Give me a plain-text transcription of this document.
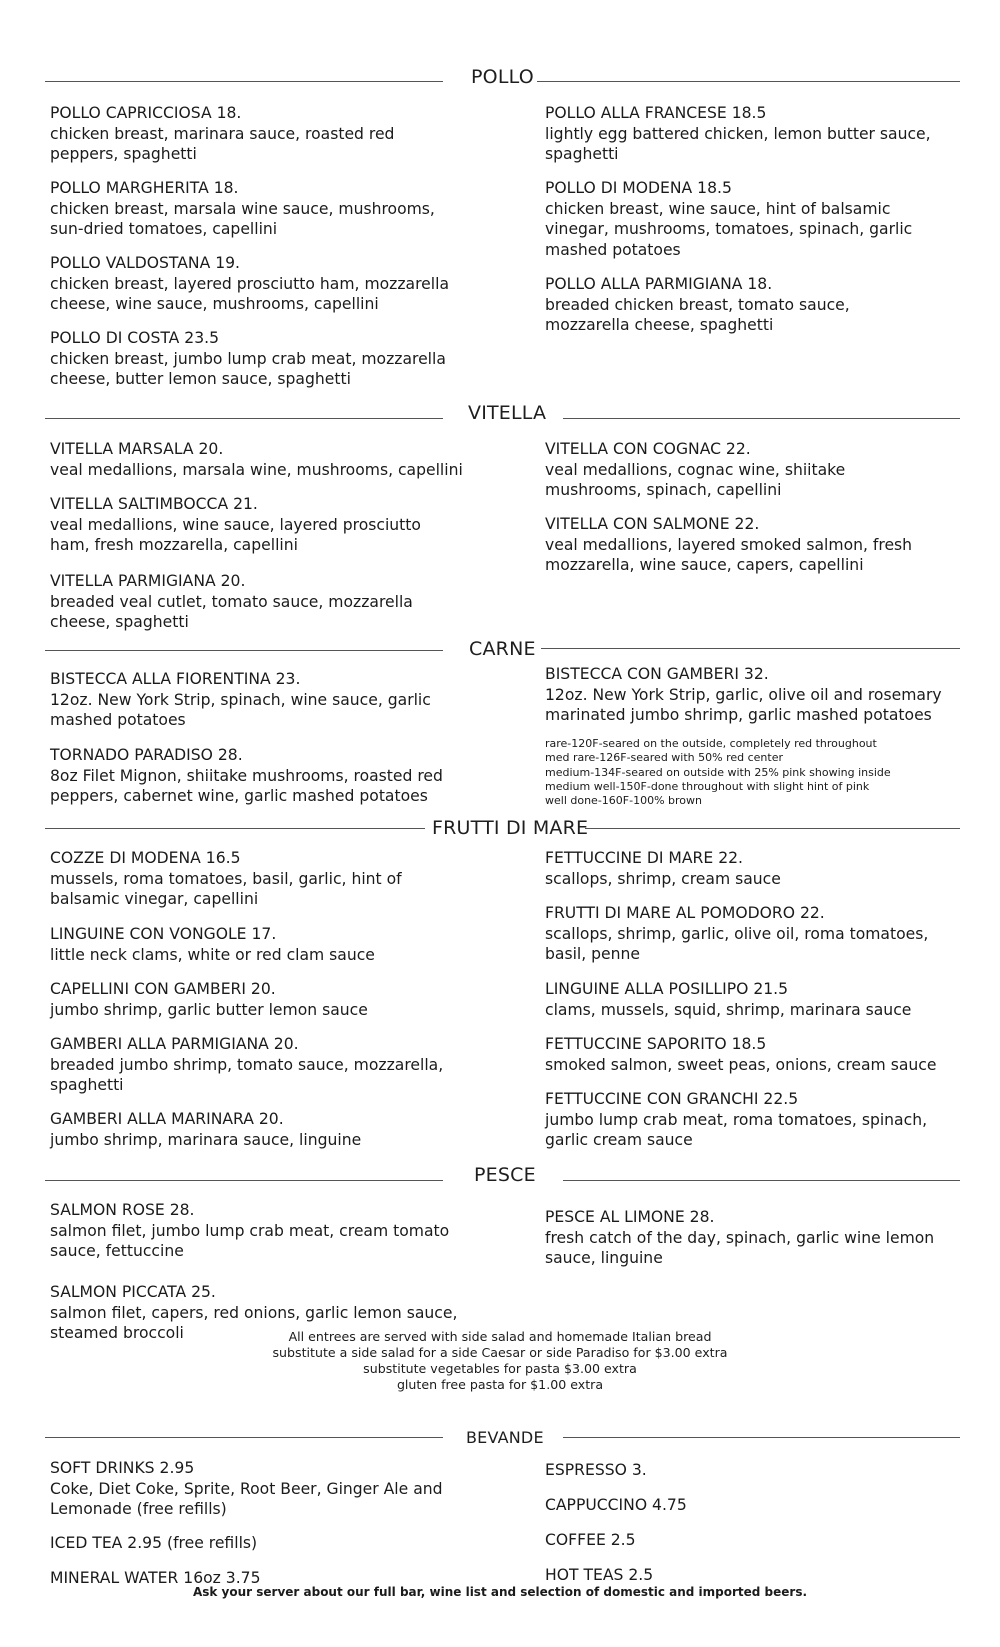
POLLO
POLLO CAPRICCIOSA 18.
chicken breast, marinara sauce, roasted red peppers, spaghetti
POLLO MARGHERITA 18.
chicken breast, marsala wine sauce, mushrooms, sun-dried tomatoes, capellini
POLLO VALDOSTANA 19.
chicken breast, layered prosciutto ham, mozzarella cheese, wine sauce, mushrooms, capellini
POLLO DI COSTA 23.5
chicken breast, jumbo lump crab meat, mozzarella cheese, butter lemon sauce, spaghetti
POLLO ALLA FRANCESE 18.5
lightly egg battered chicken, lemon butter sauce, spaghetti
POLLO DI MODENA 18.5
chicken breast, wine sauce, hint of balsamic vinegar, mushrooms, tomatoes, spinach, garlic mashed potatoes
POLLO ALLA PARMIGIANA 18.
breaded chicken breast, tomato sauce, mozzarella cheese, spaghetti
VITELLA
VITELLA MARSALA 20.
veal medallions, marsala wine, mushrooms, capellini
VITELLA SALTIMBOCCA 21.
veal medallions, wine sauce, layered prosciutto ham, fresh mozzarella, capellini
VITELLA PARMIGIANA 20.
breaded veal cutlet, tomato sauce, mozzarella cheese, spaghetti
VITELLA CON COGNAC 22.
veal medallions, cognac wine, shiitake mushrooms, spinach, capellini
VITELLA CON SALMONE 22.
veal medallions, layered smoked salmon, fresh mozzarella, wine sauce, capers, capellini
CARNE
BISTECCA ALLA FIORENTINA 23.
12oz. New York Strip, spinach, wine sauce, garlic mashed potatoes
TORNADO PARADISO 28.
8oz Filet Mignon, shiitake mushrooms, roasted red peppers, cabernet wine, garlic mashed potatoes
BISTECCA CON GAMBERI 32.
12oz. New York Strip, garlic, olive oil and rosemary marinated jumbo shrimp, garlic mashed potatoes
rare-120F-seared on the outside, completely red throughout
med rare-126F-seared with 50% red center
medium-134F-seared on outside with 25% pink showing inside
medium well-150F-done throughout with slight hint of pink
well done-160F-100% brown
FRUTTI DI MARE
COZZE DI MODENA 16.5
mussels, roma tomatoes, basil, garlic, hint of balsamic vinegar, capellini
LINGUINE CON VONGOLE 17.
little neck clams, white or red clam sauce
CAPELLINI CON GAMBERI 20.
jumbo shrimp, garlic butter lemon sauce
GAMBERI ALLA PARMIGIANA 20.
breaded jumbo shrimp, tomato sauce, mozzarella, spaghetti
GAMBERI ALLA MARINARA 20.
jumbo shrimp, marinara sauce, linguine
FETTUCCINE DI MARE 22.
scallops, shrimp, cream sauce
FRUTTI DI MARE AL POMODORO 22.
scallops, shrimp, garlic, olive oil, roma tomatoes, basil, penne
LINGUINE ALLA POSILLIPO 21.5
clams, mussels, squid, shrimp, marinara sauce
FETTUCCINE SAPORITO 18.5
smoked salmon, sweet peas, onions, cream sauce
FETTUCCINE CON GRANCHI 22.5
jumbo lump crab meat, roma tomatoes, spinach, garlic cream sauce
PESCE
SALMON ROSE 28.
salmon filet, jumbo lump crab meat, cream tomato sauce, fettuccine
SALMON PICCATA 25.
salmon filet, capers, red onions, garlic lemon sauce, steamed broccoli
PESCE AL LIMONE 28.
fresh catch of the day, spinach, garlic wine lemon sauce, linguine
All entrees are served with side salad and homemade Italian bread
substitute a side salad for a side Caesar or side Paradiso for $3.00 extra
substitute vegetables for pasta $3.00 extra
gluten free pasta for $1.00 extra
BEVANDE
SOFT DRINKS 2.95
Coke, Diet Coke, Sprite, Root Beer, Ginger Ale and Lemonade (free refills)
ICED TEA 2.95 (free refills)
MINERAL WATER 16oz 3.75
ESPRESSO 3.
CAPPUCCINO 4.75
COFFEE 2.5
HOT TEAS 2.5
Ask your server about our full bar, wine list and selection of domestic and imported beers.
